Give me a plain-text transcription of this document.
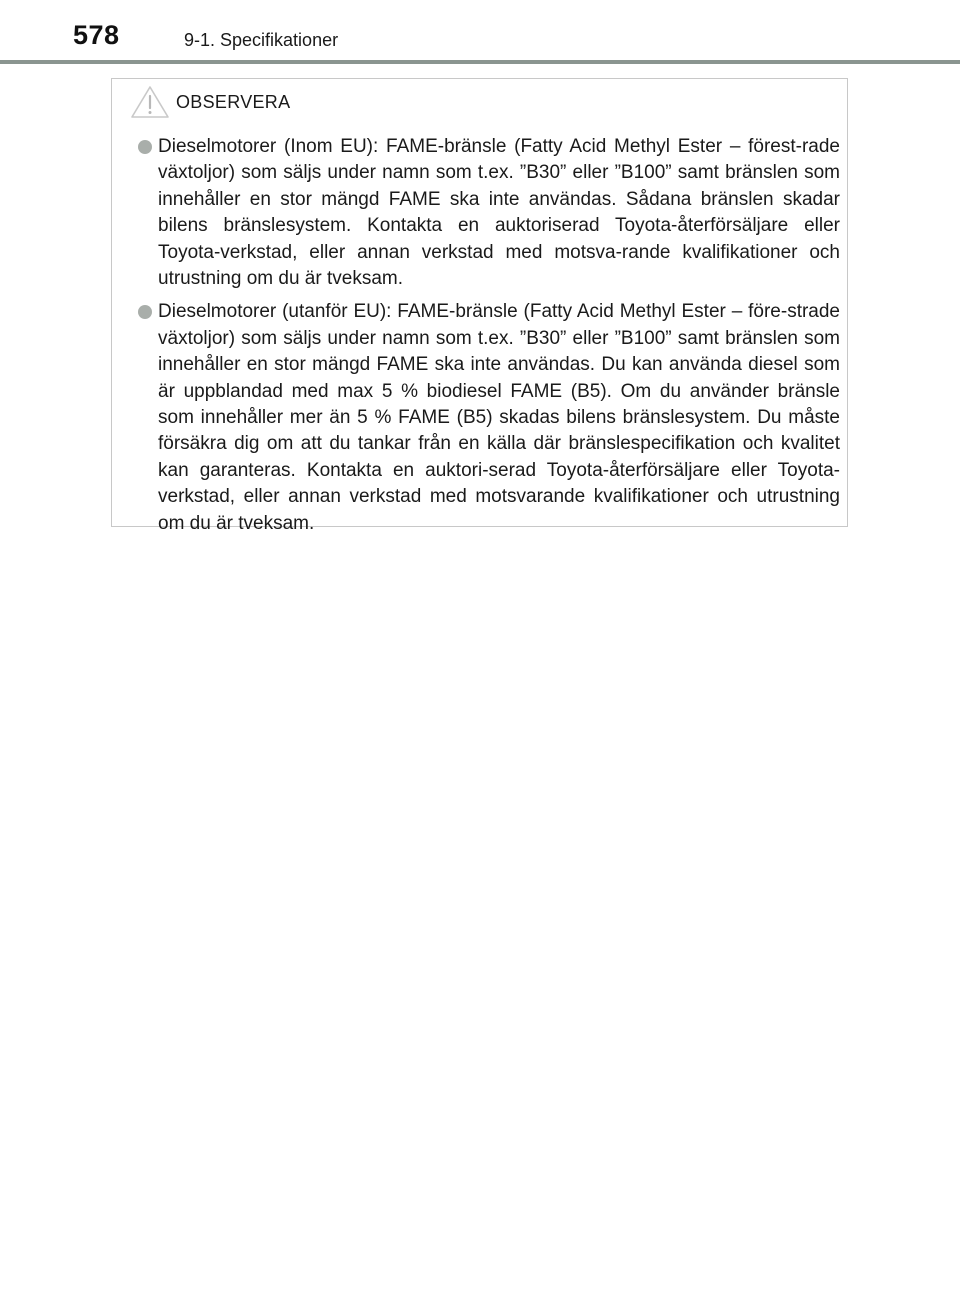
578	9-1. Specifikationer
OBSERVERA
Dieselmotorer (Inom EU): FAME-bränsle (Fatty Acid Methyl Ester – förest-rade växtoljor) som säljs under namn som t.ex. ”B30” eller ”B100” samt bränslen som innehåller en stor mängd FAME ska inte användas. Sådana bränslen skadar bilens bränslesystem. Kontakta en auktoriserad Toyota-återförsäljare eller Toyota-verkstad, eller annan verkstad med motsva-rande kvalifikationer och utrustning om du är tveksam.
Dieselmotorer (utanför EU): FAME-bränsle (Fatty Acid Methyl Ester – före-strade växtoljor) som säljs under namn som t.ex. ”B30” eller ”B100” samt bränslen som innehåller en stor mängd FAME ska inte användas. Du kan använda diesel som är uppblandad med max 5 % biodiesel FAME (B5). Om du använder bränsle som innehåller mer än 5 % FAME (B5) skadas bilens bränslesystem. Du måste försäkra dig om att du tankar från en källa där bränslespecifikation och kvalitet kan garanteras. Kontakta en auktori-serad Toyota-återförsäljare eller Toyota-verkstad, eller annan verkstad med motsvarande kvalifikationer och utrustning om du är tveksam.
